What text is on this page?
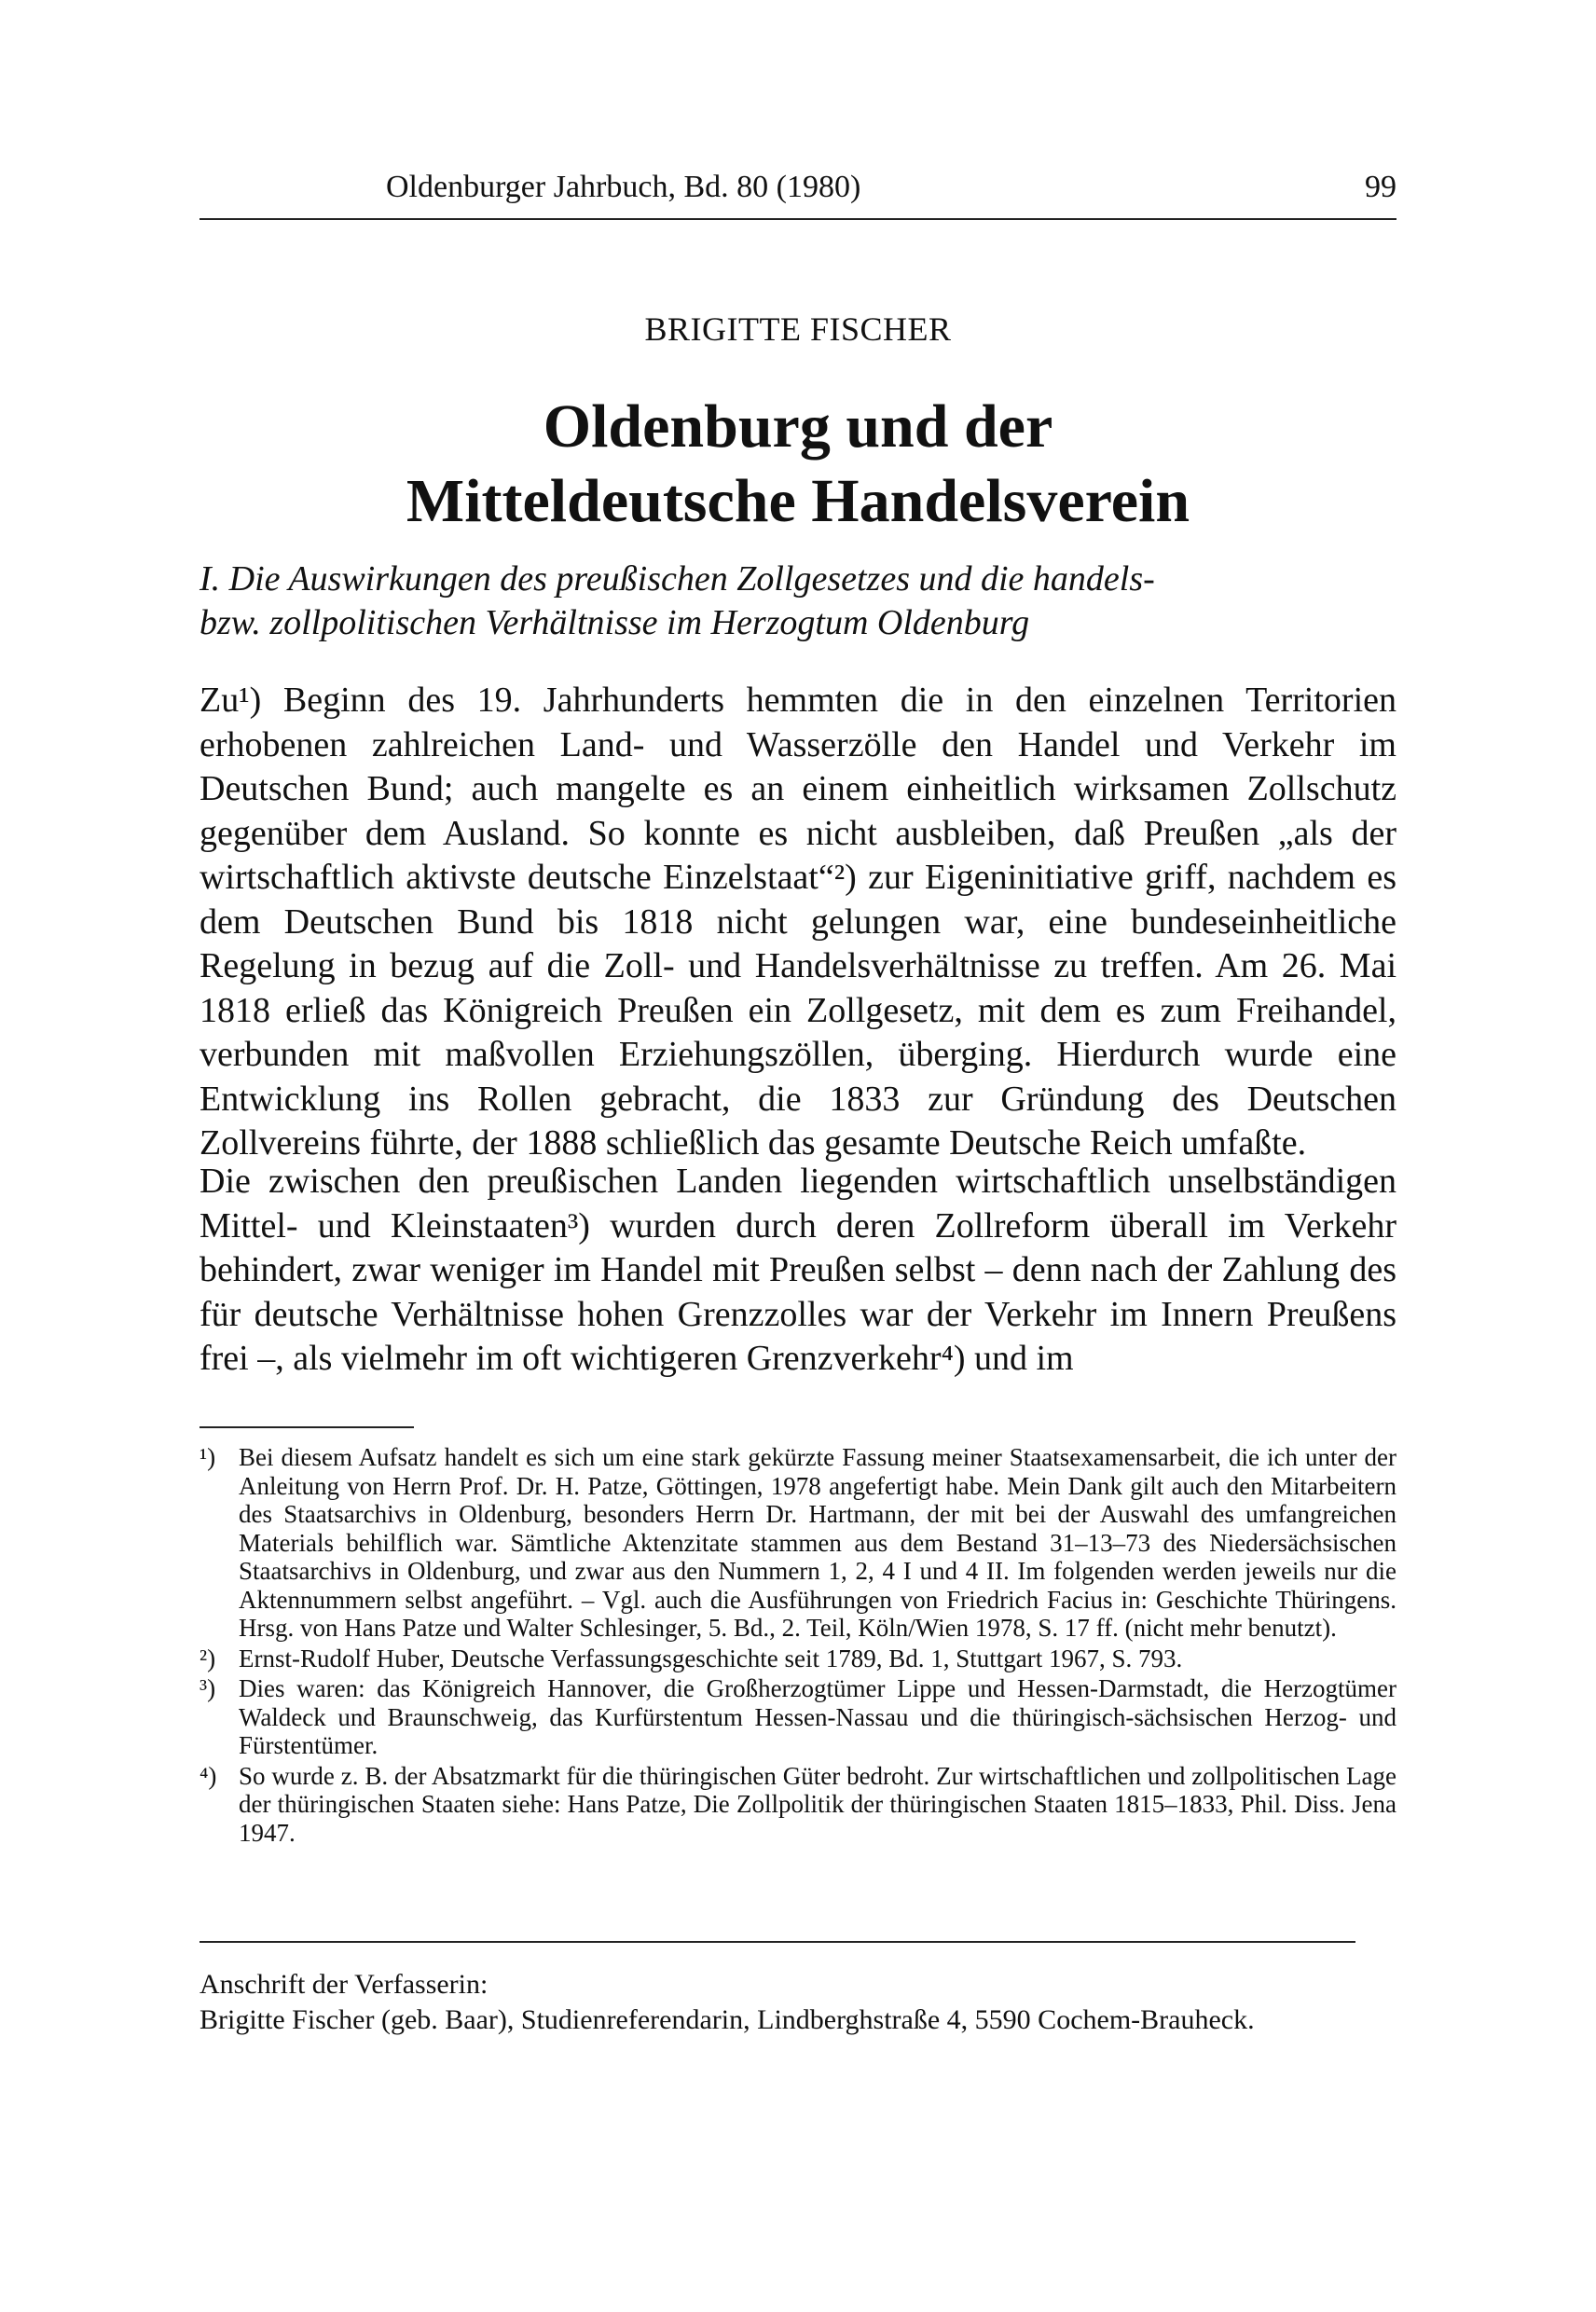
Oldenburger Jahrbuch, Bd. 80 (1980)	99
BRIGITTE FISCHER
Oldenburg und der
Mitteldeutsche Handelsverein
I. Die Auswirkungen des preußischen Zollgesetzes und die handels-
bzw. zollpolitischen Verhältnisse im Herzogtum Oldenburg

Zu¹) Beginn des 19. Jahrhunderts hemmten die in den einzelnen Territorien erhobenen zahlreichen Land- und Wasserzölle den Handel und Verkehr im Deutschen Bund; auch mangelte es an einem einheitlich wirksamen Zollschutz gegenüber dem Ausland. So konnte es nicht ausbleiben, daß Preußen „als der wirtschaftlich aktivste deutsche Einzelstaat“²) zur Eigeninitiative griff, nachdem es dem Deutschen Bund bis 1818 nicht gelungen war, eine bundeseinheitliche Regelung in bezug auf die Zoll- und Handelsverhältnisse zu treffen. Am 26. Mai 1818 erließ das Königreich Preußen ein Zollgesetz, mit dem es zum Freihandel, verbunden mit maßvollen Erziehungszöllen, überging. Hierdurch wurde eine Entwicklung ins Rollen gebracht, die 1833 zur Gründung des Deutschen Zollvereins führte, der 1888 schließlich das gesamte Deutsche Reich umfaßte.

Die zwischen den preußischen Landen liegenden wirtschaftlich unselbständigen Mittel- und Kleinstaaten³) wurden durch deren Zollreform überall im Verkehr behindert, zwar weniger im Handel mit Preußen selbst – denn nach der Zahlung des für deutsche Verhältnisse hohen Grenzzolles war der Verkehr im Innern Preußens frei –, als vielmehr im oft wichtigeren Grenzverkehr⁴) und im

¹) Bei diesem Aufsatz handelt es sich um eine stark gekürzte Fassung meiner Staatsexamensarbeit, die ich unter der Anleitung von Herrn Prof. Dr. H. Patze, Göttingen, 1978 angefertigt habe. Mein Dank gilt auch den Mitarbeitern des Staatsarchivs in Oldenburg, besonders Herrn Dr. Hartmann, der mit bei der Auswahl des umfangreichen Materials behilflich war. Sämtliche Aktenzitate stammen aus dem Bestand 31–13–73 des Niedersächsischen Staatsarchivs in Oldenburg, und zwar aus den Nummern 1, 2, 4 I und 4 II. Im folgenden werden jeweils nur die Aktennummern selbst angeführt. – Vgl. auch die Ausführungen von Friedrich Facius in: Geschichte Thüringens. Hrsg. von Hans Patze und Walter Schlesinger, 5. Bd., 2. Teil, Köln/Wien 1978, S. 17 ff. (nicht mehr benutzt).
²) Ernst-Rudolf Huber, Deutsche Verfassungsgeschichte seit 1789, Bd. 1, Stuttgart 1967, S. 793.
³) Dies waren: das Königreich Hannover, die Großherzogtümer Lippe und Hessen-Darmstadt, die Herzogtümer Waldeck und Braunschweig, das Kurfürstentum Hessen-Nassau und die thüringisch-sächsischen Herzog- und Fürstentümer.
⁴) So wurde z. B. der Absatzmarkt für die thüringischen Güter bedroht. Zur wirtschaftlichen und zollpolitischen Lage der thüringischen Staaten siehe: Hans Patze, Die Zollpolitik der thüringischen Staaten 1815–1833, Phil. Diss. Jena 1947.
Anschrift der Verfasserin:
Brigitte Fischer (geb. Baar), Studienreferendarin, Lindberghstraße 4, 5590 Cochem-Brauheck.
